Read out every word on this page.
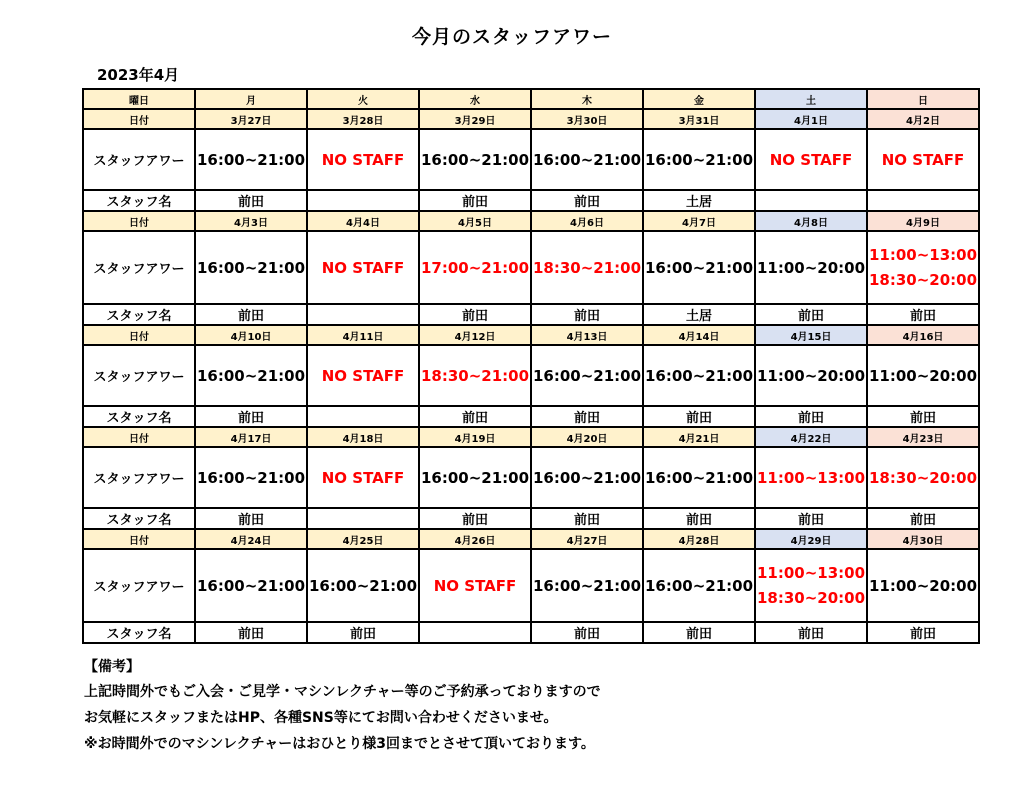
今月のスタッフアワー
2023年4月
曜日	月	火	水	木	金	土	日
日付	3月27日	3月28日	3月29日	3月30日	3月31日	4月1日	4月2日
スタッフアワー	16:00~21:00	NO STAFF	16:00~21:00	16:00~21:00	16:00~21:00	NO STAFF	NO STAFF
スタッフ名	前田		前田	前田	土居		
日付	4月3日	4月4日	4月5日	4月6日	4月7日	4月8日	4月9日
スタッフアワー	16:00~21:00	NO STAFF	17:00~21:00	18:30~21:00	16:00~21:00	11:00~20:00	11:00~13:00
18:30~20:00

スタッフ名	前田		前田	前田	土居	前田	前田
日付	4月10日	4月11日	4月12日	4月13日	4月14日	4月15日	4月16日
スタッフアワー	16:00~21:00	NO STAFF	18:30~21:00	16:00~21:00	16:00~21:00	11:00~20:00	11:00~20:00
スタッフ名	前田		前田	前田	前田	前田	前田
日付	4月17日	4月18日	4月19日	4月20日	4月21日	4月22日	4月23日
スタッフアワー	16:00~21:00	NO STAFF	16:00~21:00	16:00~21:00	16:00~21:00	11:00~13:00	18:30~20:00
スタッフ名	前田		前田	前田	前田	前田	前田
日付	4月24日	4月25日	4月26日	4月27日	4月28日	4月29日	4月30日
スタッフアワー	16:00~21:00	16:00~21:00	NO STAFF	16:00~21:00	16:00~21:00	11:00~13:00
18:30~20:00	11:00~20:00
スタッフ名	前田	前田		前田	前田	前田	前田
【備考】
上記時間外でもご入会・ご見学・マシンレクチャー等のご予約承っておりますので
お気軽にスタッフまたはHP、各種SNS等にてお問い合わせくださいませ。
※お時間外でのマシンレクチャーはおひとり様3回までとさせて頂いております。
